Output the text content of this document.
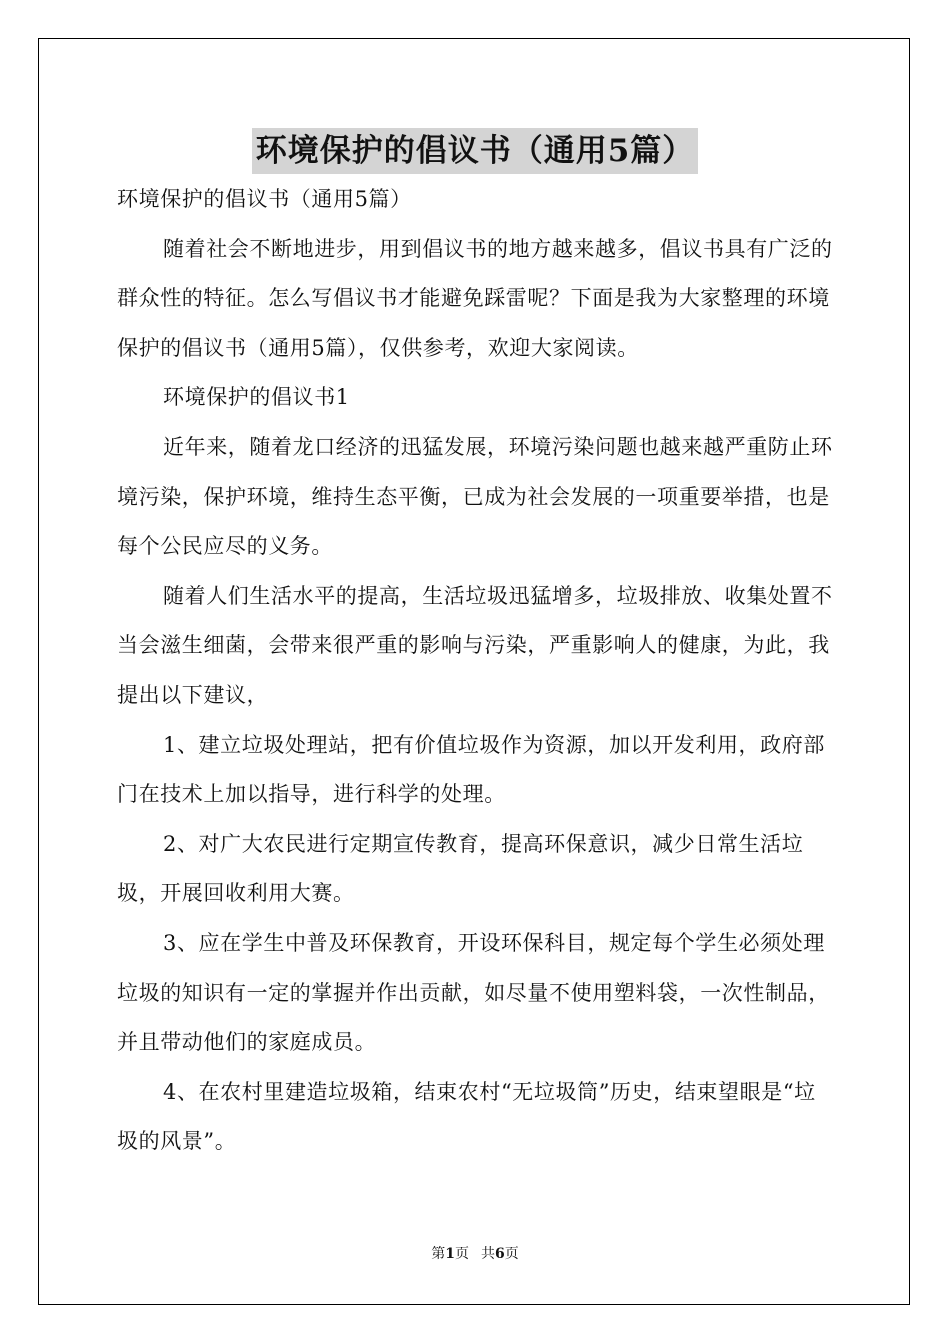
环境保护的倡议书（通用5篇）

环境保护的倡议书（通用5篇）

随着社会不断地进步，用到倡议书的地方越来越多，倡议书具有广泛的群众性的特征。怎么写倡议书才能避免踩雷呢？下面是我为大家整理的环境保护的倡议书（通用5篇），仅供参考，欢迎大家阅读。

环境保护的倡议书1

近年来，随着龙口经济的迅猛发展，环境污染问题也越来越严重防止环境污染，保护环境，维持生态平衡，已成为社会发展的一项重要举措，也是每个公民应尽的义务。

随着人们生活水平的提高，生活垃圾迅猛增多，垃圾排放、收集处置不当会滋生细菌，会带来很严重的影响与污染，严重影响人的健康，为此，我提出以下建议，

1、建立垃圾处理站，把有价值垃圾作为资源，加以开发利用，政府部门在技术上加以指导，进行科学的处理。

2、对广大农民进行定期宣传教育，提高环保意识，减少日常生活垃圾，开展回收利用大赛。

3、应在学生中普及环保教育，开设环保科目，规定每个学生必须处理垃圾的知识有一定的掌握并作出贡献，如尽量不使用塑料袋，一次性制品，并且带动他们的家庭成员。

4、在农村里建造垃圾箱，结束农村“无垃圾筒”历史，结束望眼是“垃圾的风景”。

第1页 共6页
